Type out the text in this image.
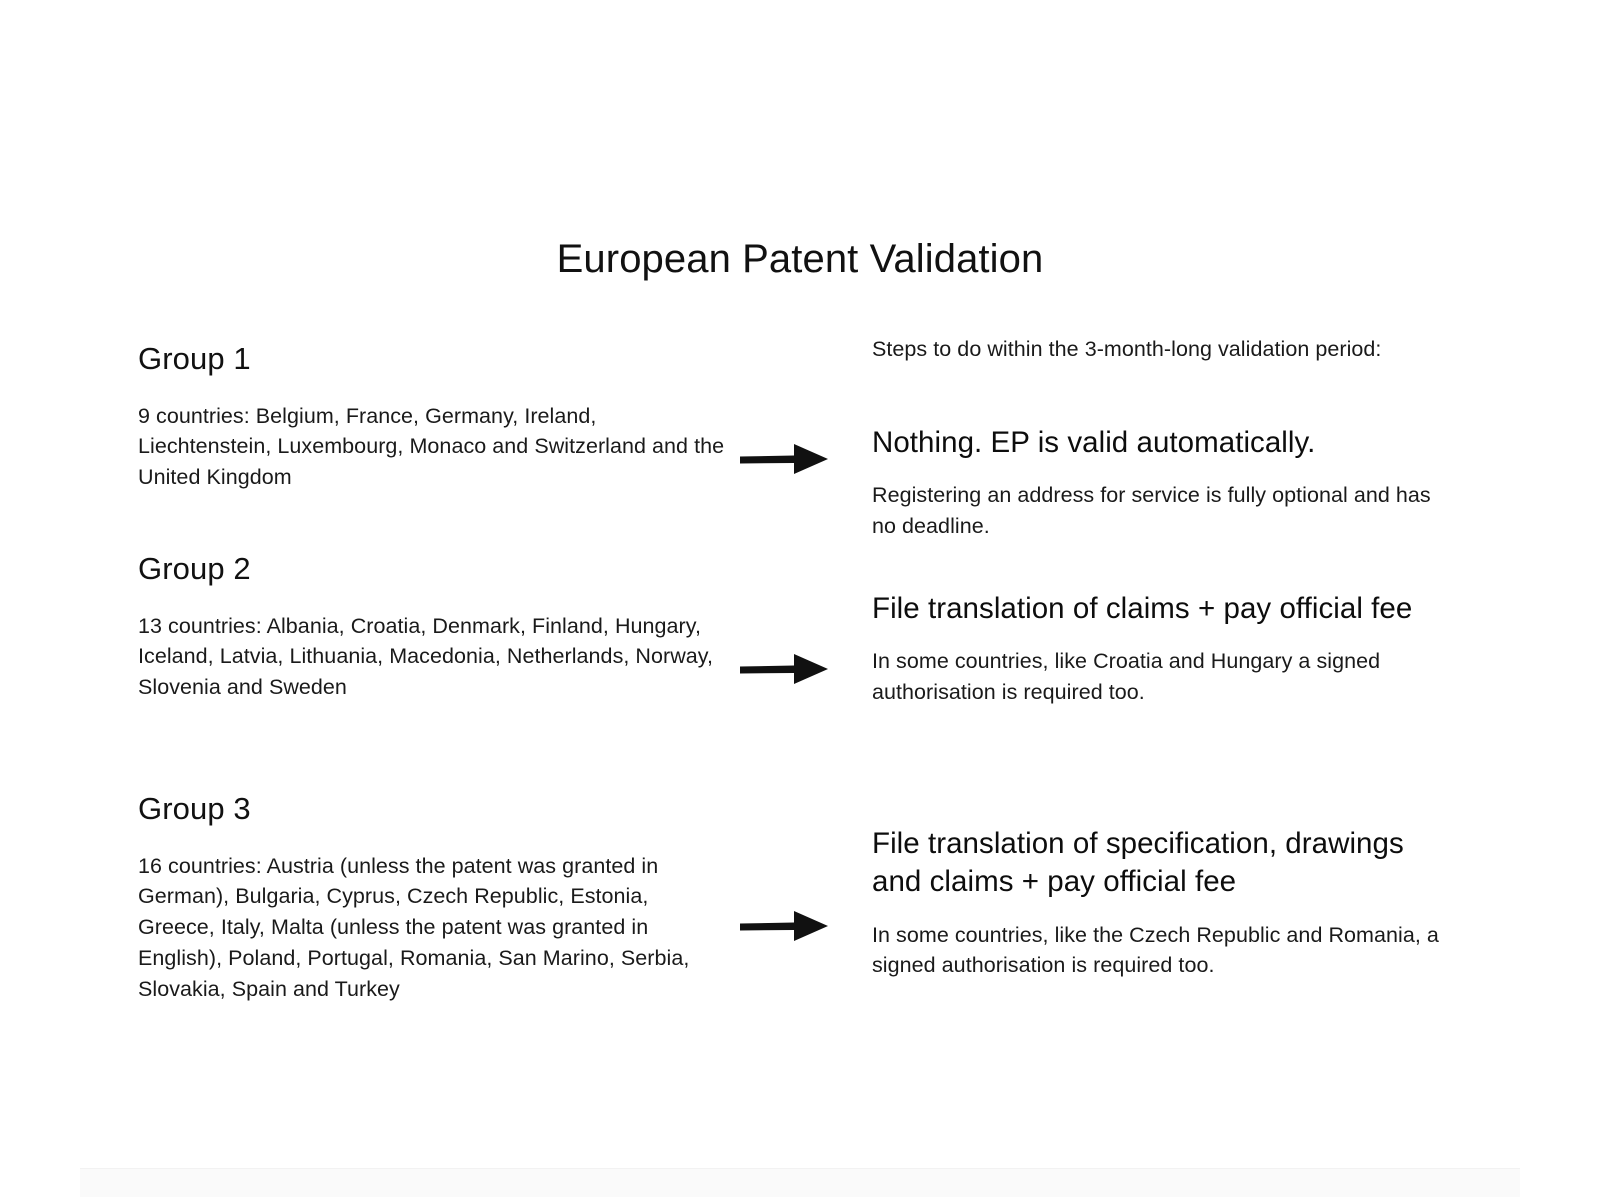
European Patent Validation
Group 1

9 countries: Belgium, France, Germany, Ireland, Liechtenstein, Luxembourg, Monaco and Switzerland and the United Kingdom

Group 2

13 countries: Albania, Croatia, Denmark, Finland, Hungary, Iceland, Latvia, Lithuania, Macedonia, Netherlands, Norway, Slovenia and Sweden

Group 3

16 countries: Austria (unless the patent was granted in German), Bulgaria, Cyprus, Czech Republic, Estonia, Greece, Italy, Malta (unless the patent was granted in English), Poland, Portugal, Romania, San Marino, Serbia, Slovakia, Spain and Turkey

Steps to do within the 3-month-long validation period:

Nothing. EP is valid automatically.

Registering an address for service is fully optional and has no deadline.

File translation of claims + pay official fee

In some countries, like Croatia and Hungary a signed authorisation is required too.

File translation of specification, drawings and claims + pay official fee

In some countries, like the Czech Republic and Romania, a signed authorisation is required too.
